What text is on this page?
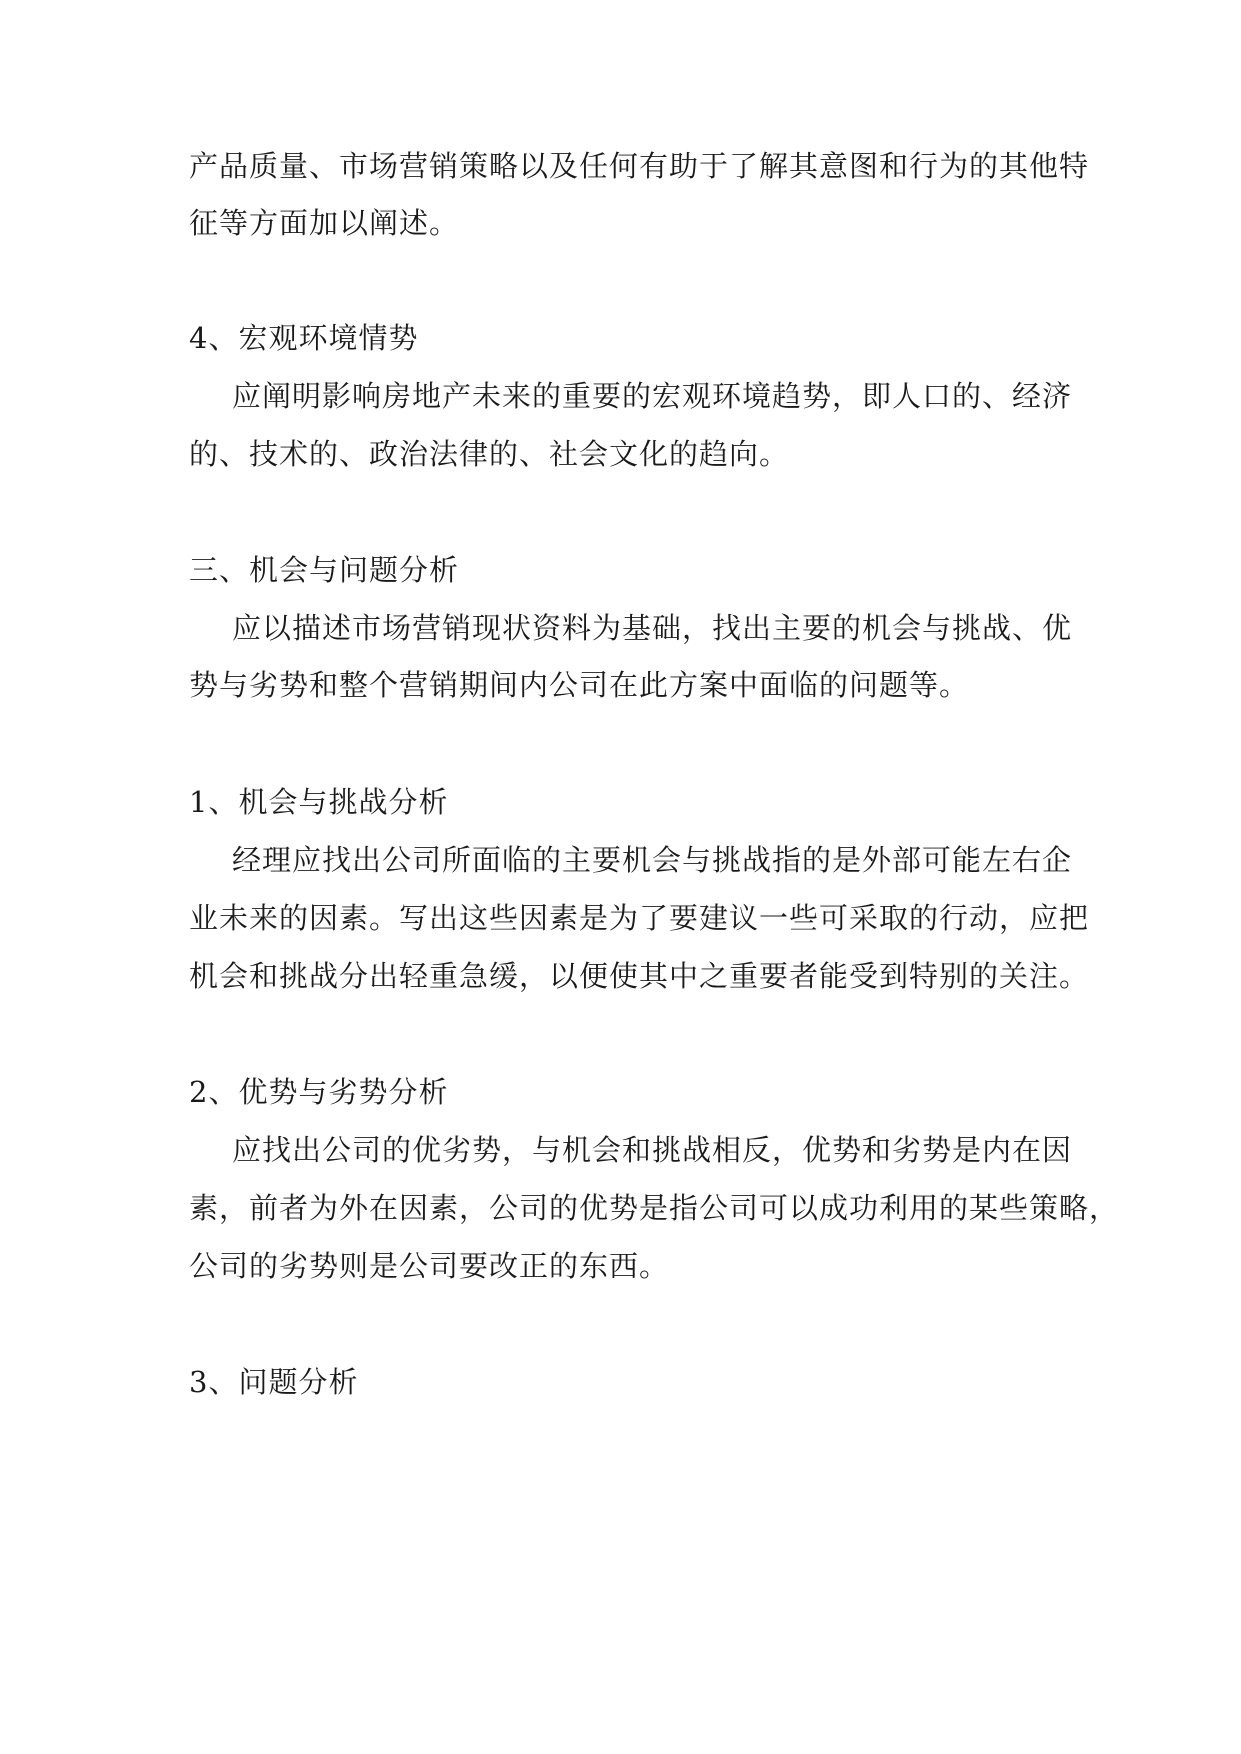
产品质量、市场营销策略以及任何有助于了解其意图和行为的其他特

征等方面加以阐述。

4、宏观环境情势

应阐明影响房地产未来的重要的宏观环境趋势，即人口的、经济

的、技术的、政治法律的、社会文化的趋向。

三、机会与问题分析

应以描述市场营销现状资料为基础，找出主要的机会与挑战、优

势与劣势和整个营销期间内公司在此方案中面临的问题等。

1、机会与挑战分析

经理应找出公司所面临的主要机会与挑战指的是外部可能左右企

业未来的因素。写出这些因素是为了要建议一些可采取的行动，应把

机会和挑战分出轻重急缓，以便使其中之重要者能受到特别的关注。

2、优势与劣势分析

应找出公司的优劣势，与机会和挑战相反，优势和劣势是内在因

素，前者为外在因素，公司的优势是指公司可以成功利用的某些策略，

公司的劣势则是公司要改正的东西。

3、问题分析
